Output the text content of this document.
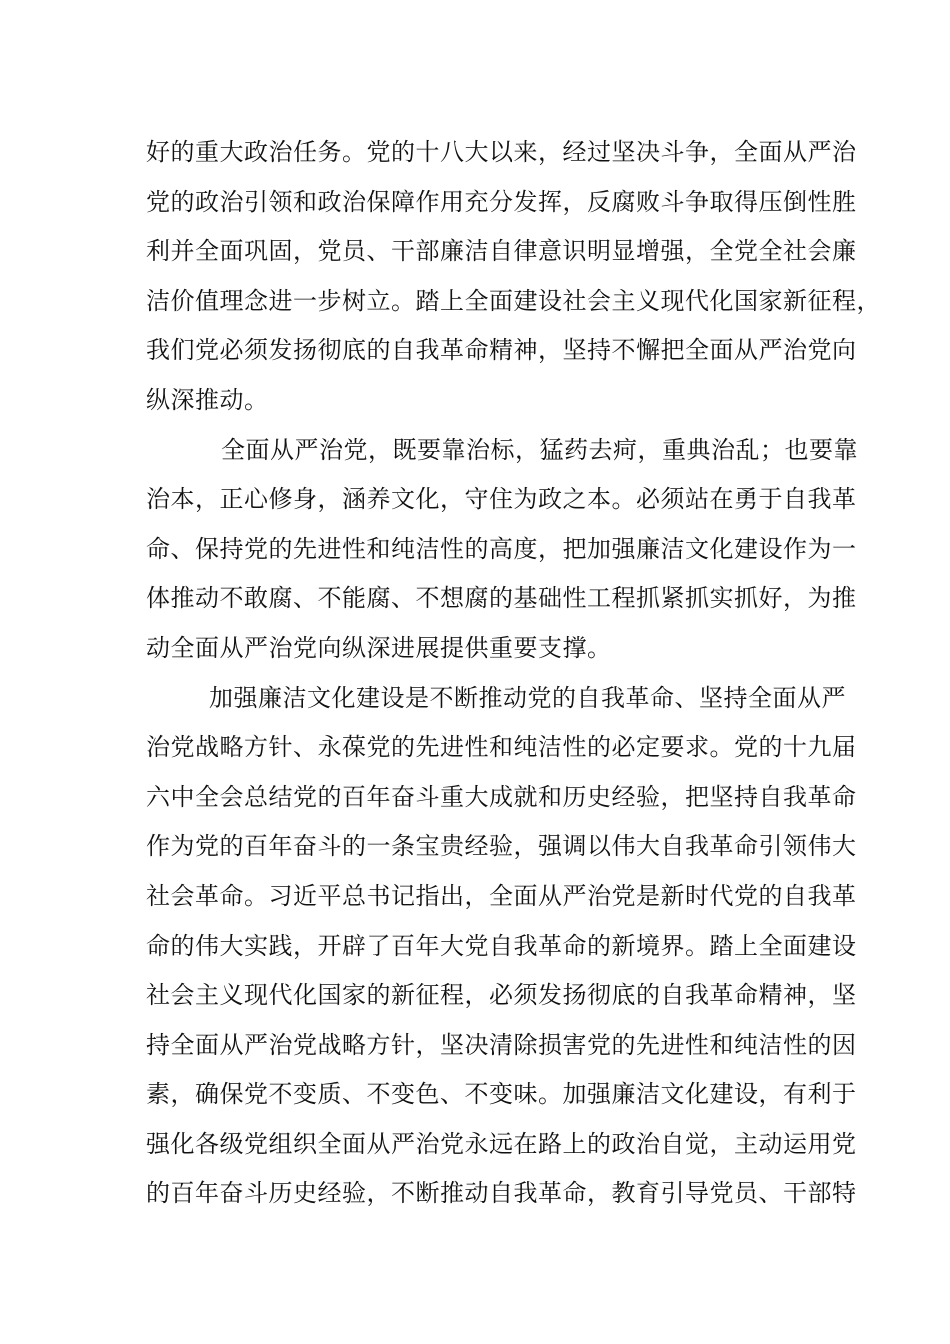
好的重大政治任务。党的十八大以来，经过坚决斗争，全面从严治
党的政治引领和政治保障作用充分发挥，反腐败斗争取得压倒性胜
利并全面巩固，党员、干部廉洁自律意识明显增强，全党全社会廉
洁价值理念进一步树立。踏上全面建设社会主义现代化国家新征程，
我们党必须发扬彻底的自我革命精神，坚持不懈把全面从严治党向
纵深推动。
全面从严治党，既要靠治标，猛药去疴，重典治乱；也要靠
治本，正心修身，涵养文化，守住为政之本。必须站在勇于自我革
命、保持党的先进性和纯洁性的高度，把加强廉洁文化建设作为一
体推动不敢腐、不能腐、不想腐的基础性工程抓紧抓实抓好，为推
动全面从严治党向纵深进展提供重要支撑。
加强廉洁文化建设是不断推动党的自我革命、坚持全面从严
治党战略方针、永葆党的先进性和纯洁性的必定要求。党的十九届
六中全会总结党的百年奋斗重大成就和历史经验，把坚持自我革命
作为党的百年奋斗的一条宝贵经验，强调以伟大自我革命引领伟大
社会革命。习近平总书记指出，全面从严治党是新时代党的自我革
命的伟大实践，开辟了百年大党自我革命的新境界。踏上全面建设
社会主义现代化国家的新征程，必须发扬彻底的自我革命精神，坚
持全面从严治党战略方针，坚决清除损害党的先进性和纯洁性的因
素，确保党不变质、不变色、不变味。加强廉洁文化建设，有利于
强化各级党组织全面从严治党永远在路上的政治自觉，主动运用党
的百年奋斗历史经验，不断推动自我革命，教育引导党员、干部特
